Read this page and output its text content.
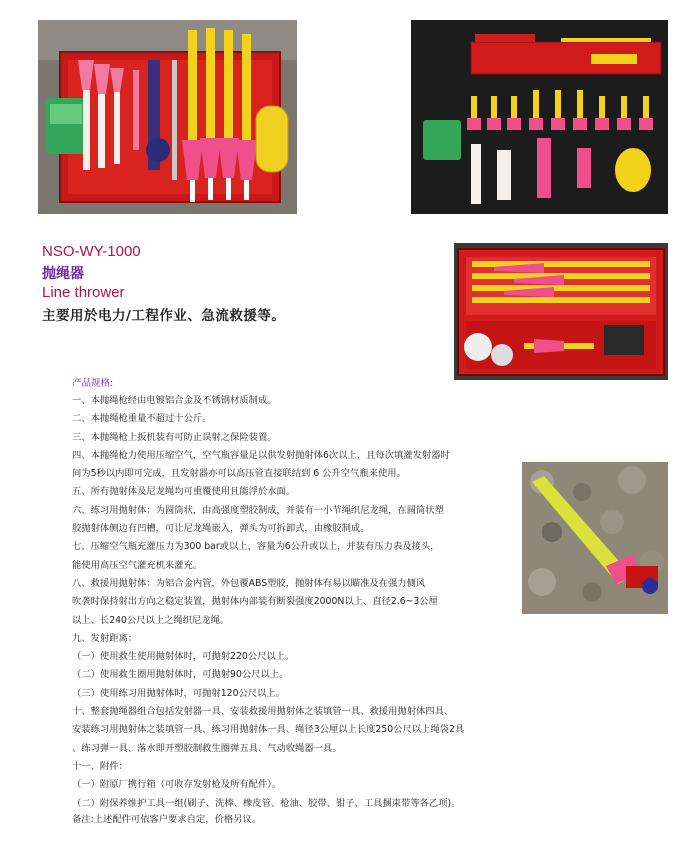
NSO-WY-1000
抛绳器
Line thrower
主要用於电力/工程作业、急流救援等。
产品规格:
一、本抛绳枪经由电镀铝合金及不锈钢材质制成。
二、本抛绳枪重量不超过十公斤。
三、本抛绳枪上扳机装有可防止误射之保险装置。
四、本抛绳枪力使用压缩空气，空气瓶容量足以供发射抛射体6次以上，且每次填灌发射器时
间为5秒以内即可完成，且发射器亦可以高压管直接联结到 6 公升空气瓶来使用。
五、所有抛射体及尼龙绳均可重覆使用且能浮於水面。
六、练习用抛射体：为圆筒状，由高强度塑胶制成，并装有一小节绳织尼龙绳，在圆筒状塑
胶抛射体侧边有凹槽，可让尼龙绳嵌入，弹头为可拆卸式，由橡胶制成。
七、压缩空气瓶充灌压力为300 bar或以上，容量为6公升或以上，并装有压力表及接头，
能使用高压空气灌充机来灌充。
八、救援用抛射体：为铝合金内管，外包覆ABS塑胶，抛射体有易以瞄准及在强力侧风
吹袭时保持射出方向之稳定装置，抛射体内部装有断裂强度2000N以上、直径2.6~3公厘
以上、长240公尺以上之绳织尼龙绳。
九、发射距离：
（一）使用救生使用抛射体时，可抛射220公尺以上。
（二）使用救生圈用抛射体时，可抛射90公尺以上。
（三）使用练习用抛射体时，可抛射120公尺以上。
十、整套抛绳器组合包括发射器一具、安装救援用抛射体之装填管一具、救援用抛射体四具、
安装练习用抛射体之装填管一具、练习用抛射体一具、绳径3公厘以上长度250公尺以上绳袋2具
、练习弹一具、落水即开塑胶制救生圈弹五具、气动收绳器一具。
十一、附件：
（一）附原厂携行箱（可收存发射枪及所有配件）。
（二）附保养维护工具一组(刷子、洗棒、橡皮管、枪油、胶带、钳子、工具捆束带等各乙项)。
备注:上述配件可依客户要求自定，价格另议。
